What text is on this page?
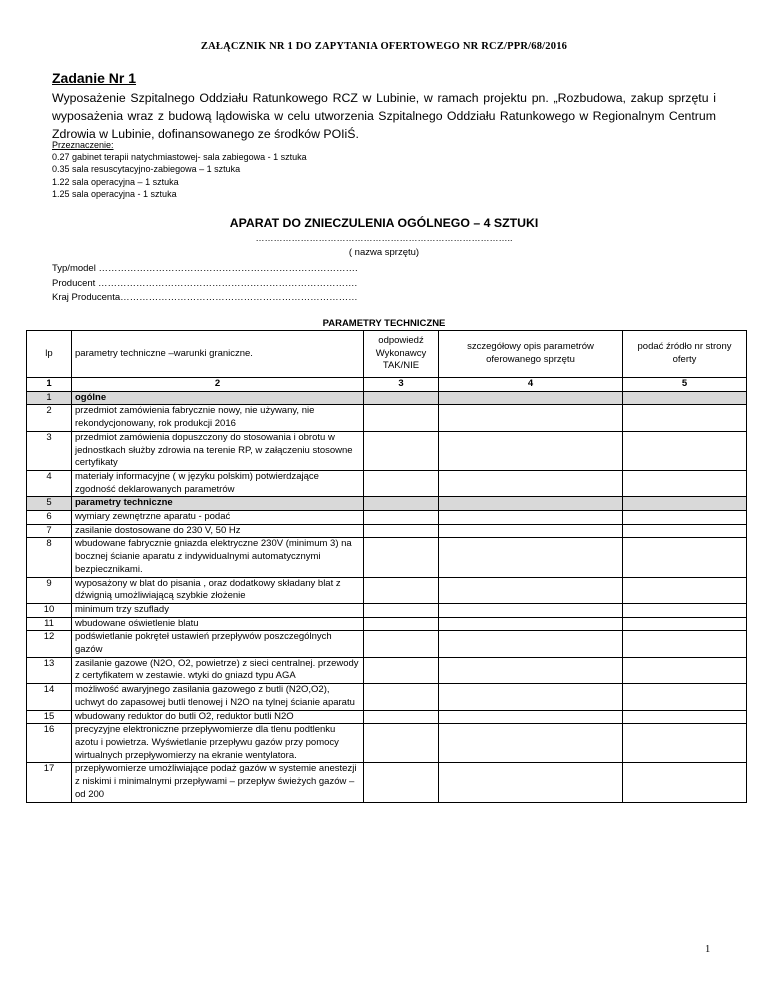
ZAŁĄCZNIK NR 1 DO ZAPYTANIA OFERTOWEGO NR RCZ/PPR/68/2016
Zadanie Nr 1
Wyposażenie Szpitalnego Oddziału Ratunkowego RCZ w Lubinie, w ramach projektu pn. „Rozbudowa, zakup sprzętu i wyposażenia wraz z budową lądowiska w celu utworzenia Szpitalnego Oddziału Ratunkowego w Regionalnym Centrum Zdrowia w Lubinie, dofinansowanego ze środków POIiŚ.
Przeznaczenie:
0.27 gabinet terapii natychmiastowej- sala zabiegowa - 1 sztuka
0.35 sala resuscytacyjno-zabiegowa – 1 sztuka
1.22 sala operacyjna – 1 sztuka
1.25 sala operacyjna - 1 sztuka
APARAT DO ZNIECZULENIA OGÓLNEGO – 4 SZTUKI
…………………………………………………………………………..
( nazwa sprzętu)
Typ/model ……………………………………………………………………….
Producent ……………………………………………………………………….
Kraj Producenta…………………………………………………………………
PARAMETRY TECHNICZNE
lp	parametry techniczne –warunki graniczne.	odpowiedź Wykonawcy TAK/NIE	szczegółowy opis parametrów oferowanego sprzętu	podać źródło nr strony oferty
1	2	3	4	5
1	ogólne			
2	przedmiot zamówienia fabrycznie nowy, nie używany, nie rekondycjonowany, rok produkcji 2016			
3	przedmiot zamówienia dopuszczony do stosowania i obrotu w jednostkach służby zdrowia na terenie RP, w załączeniu stosowne certyfikaty			
4	materiały informacyjne ( w języku polskim) potwierdzające zgodność deklarowanych parametrów			
5	parametry techniczne			
6	wymiary zewnętrzne aparatu - podać			
7	zasilanie dostosowane do 230 V, 50 Hz			
8	wbudowane fabrycznie gniazda elektryczne 230V (minimum 3) na bocznej ścianie aparatu z indywidualnymi automatycznymi bezpiecznikami.			
9	wyposażony w blat do pisania , oraz dodatkowy składany blat z dźwignią umożliwiającą szybkie złożenie			
10	minimum trzy szuflady			
11	wbudowane oświetlenie blatu			
12	podświetlanie pokręteł ustawień przepływów poszczególnych gazów			
13	zasilanie gazowe (N2O, O2, powietrze) z sieci centralnej. przewody z certyfikatem w zestawie. wtyki do gniazd typu AGA			
14	możliwość awaryjnego zasilania gazowego z butli (N2O,O2), uchwyt do zapasowej butli tlenowej i N2O na tylnej ścianie aparatu			
15	wbudowany reduktor do butli O2, reduktor butli N2O			
16	precyzyjne elektroniczne przepływomierze dla tlenu podtlenku azotu i powietrza. Wyświetlanie przepływu gazów przy pomocy wirtualnych przepływomierzy na ekranie wentylatora.			
17	przepływomierze umożliwiające podaż gazów w systemie anestezji z niskimi i minimalnymi przepływami – przepływ świeżych gazów – od 200			
1
